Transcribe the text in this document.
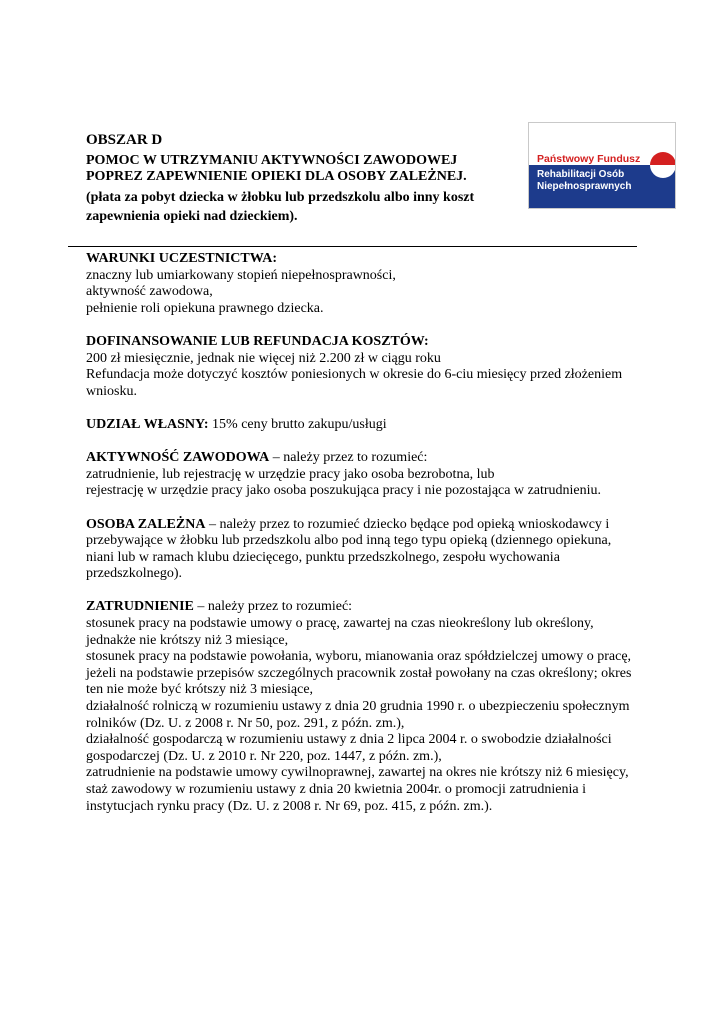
OBSZAR D

POMOC W UTRZYMANIU AKTYWNOŚCI ZAWODOWEJ
POPREZ ZAPEWNIENIE OPIEKI DLA OSOBY ZALEŻNEJ.

(płata za pobyt dziecka w żłobku lub przedszkolu albo inny koszt zapewnienia opieki nad dzieckiem).

Państwowy Fundusz
Rehabilitacji Osób
Niepełnosprawnych

WARUNKI UCZESTNICTWA:

znaczny lub umiarkowany stopień niepełnosprawności,

aktywność zawodowa,

pełnienie roli opiekuna prawnego dziecka.

DOFINANSOWANIE LUB REFUNDACJA KOSZTÓW:

200 zł miesięcznie, jednak nie więcej niż 2.200 zł w ciągu roku

Refundacja może dotyczyć kosztów poniesionych w okresie do 6-ciu miesięcy przed złożeniem wniosku.

UDZIAŁ WŁASNY: 15% ceny brutto zakupu/usługi

AKTYWNOŚĆ ZAWODOWA – należy przez to rozumieć:

zatrudnienie, lub rejestrację w urzędzie pracy jako osoba bezrobotna, lub

rejestrację w urzędzie pracy jako osoba poszukująca pracy i nie pozostająca w zatrudnieniu.

OSOBA ZALEŻNA – należy przez to rozumieć dziecko będące pod opieką wnioskodawcy i przebywające w żłobku lub przedszkolu albo pod inną tego typu opieką (dziennego opiekuna, niani lub w ramach klubu dziecięcego, punktu przedszkolnego, zespołu wychowania przedszkolnego).

ZATRUDNIENIE – należy przez to rozumieć:

stosunek pracy na podstawie umowy o pracę, zawartej na czas nieokreślony lub określony, jednakże nie krótszy niż 3 miesiące,

stosunek pracy na podstawie powołania, wyboru, mianowania oraz spółdzielczej umowy o pracę, jeżeli na podstawie przepisów szczególnych pracownik został powołany na czas określony; okres ten nie może być krótszy niż 3 miesiące,

działalność rolniczą w rozumieniu ustawy z dnia 20 grudnia 1990 r. o ubezpieczeniu społecznym rolników (Dz. U. z 2008 r. Nr 50, poz. 291, z późn. zm.),

działalność gospodarczą w rozumieniu ustawy z dnia 2 lipca 2004 r. o swobodzie działalności gospodarczej (Dz. U. z 2010 r. Nr 220, poz. 1447, z późn. zm.),

zatrudnienie na podstawie umowy cywilnoprawnej, zawartej na okres nie krótszy niż 6 miesięcy,

staż zawodowy w rozumieniu ustawy z dnia 20 kwietnia 2004r. o promocji zatrudnienia i instytucjach rynku pracy (Dz. U. z 2008 r. Nr 69, poz. 415, z późn. zm.).
